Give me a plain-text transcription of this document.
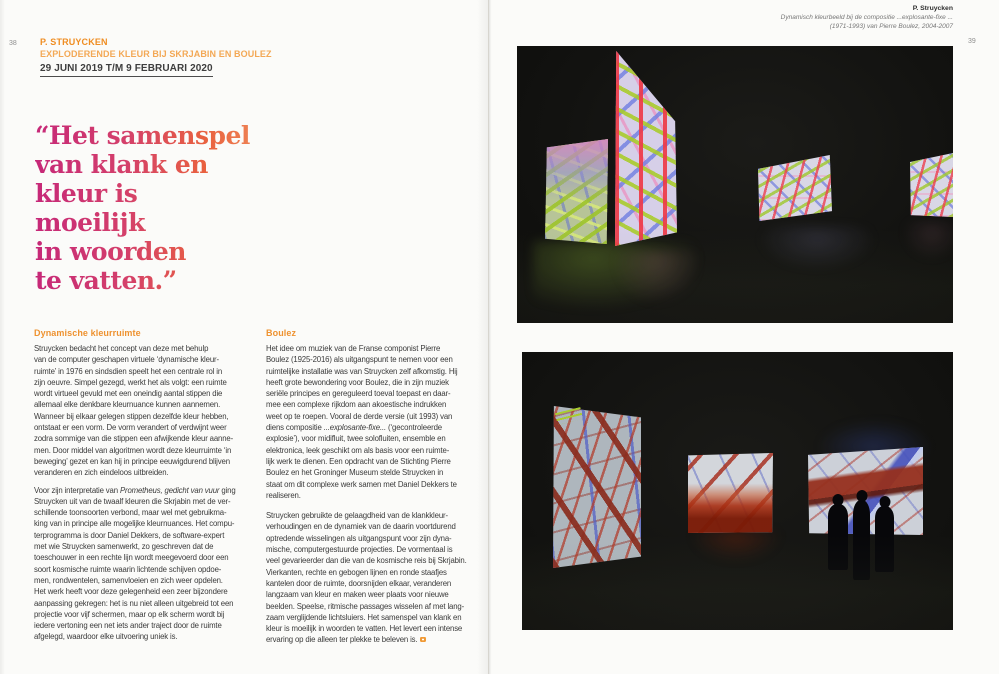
38	P. STRUYCKEN
EXPLODERENDE KLEUR BIJ SKRJABIN EN BOULEZ
29 JUNI 2019 T/M 9 FEBRUARI 2020
“Het samenspel
van klank en
kleur is moeilijk
in woorden
te vatten.”
Dynamische kleurruimte

Struycken bedacht het concept van deze met behulp
van de computer geschapen virtuele ‘dynamische kleur-
ruimte’ in 1976 en sindsdien speelt het een centrale rol in
zijn oeuvre. Simpel gezegd, werkt het als volgt: een ruimte
wordt virtueel gevuld met een oneindig aantal stippen die
allemaal elke denkbare kleurnuance kunnen aannemen.
Wanneer bij elkaar gelegen stippen dezelfde kleur hebben,
ontstaat er een vorm. De vorm verandert of verdwijnt weer
zodra sommige van die stippen een afwijkende kleur aanne-
men. Door middel van algoritmen wordt deze kleurruimte ‘in
beweging’ gezet en kan hij in principe eeuwigdurend blijven
veranderen en zich eindeloos uitbreiden.

Voor zijn interpretatie van Prometheus, gedicht van vuur ging
Struycken uit van de twaalf kleuren die Skrjabin met de ver-
schillende toonsoorten verbond, maar wel met gebruikma-
king van in principe alle mogelijke kleurnuances. Het compu-
terprogramma is door Daniel Dekkers, de software-expert
met wie Struycken samenwerkt, zo geschreven dat de
toeschouwer in een rechte lijn wordt meegevoerd door een
soort kosmische ruimte waarin lichtende schijven opdoe-
men, rondwentelen, samenvloeien en zich weer opdelen.
Het werk heeft voor deze gelegenheid een zeer bijzondere
aanpassing gekregen: het is nu niet alleen uitgebreid tot een
projectie voor vijf schermen, maar op elk scherm wordt bij
iedere vertoning een net iets ander traject door de ruimte
afgelegd, waardoor elke uitvoering uniek is.

Boulez

Het idee om muziek van de Franse componist Pierre
Boulez (1925-2016) als uitgangspunt te nemen voor een
ruimtelijke installatie was van Struycken zelf afkomstig. Hij
heeft grote bewondering voor Boulez, die in zijn muziek
seriële principes en gereguleerd toeval toepast en daar-
mee een complexe rijkdom aan akoestische indrukken
weet op te roepen. Vooral de derde versie (uit 1993) van
diens compositie ...explosante-fixe... (‘gecontroleerde
explosie’), voor midifluit, twee solofluiten, ensemble en
elektronica, leek geschikt om als basis voor een ruimte-
lijk werk te dienen. Een opdracht van de Stichting Pierre
Boulez en het Groninger Museum stelde Struycken in
staat om dit complexe werk samen met Daniel Dekkers te
realiseren.

Struycken gebruikte de gelaagdheid van de klankkleur-
verhoudingen en de dynamiek van de daarin voortdurend
optredende wisselingen als uitgangspunt voor zijn dyna-
mische, computergestuurde projecties. De vormentaal is
veel gevarieerder dan die van de kosmische reis bij Skrjabin.
Vierkanten, rechte en gebogen lijnen en ronde staafjes
kantelen door de ruimte, doorsnijden elkaar, veranderen
langzaam van kleur en maken weer plaats voor nieuwe
beelden. Speelse, ritmische passages wisselen af met lang-
zaam verglijdende lichtsluiers. Het samenspel van klank en
kleur is moeilijk in woorden te vatten. Het levert een intense
ervaring op die alleen ter plekke te beleven is.

P. Struycken
Dynamisch kleurbeeld bij de compositie ...explosante-fixe ...
(1971-1993) van Pierre Boulez, 2004-2007
39
